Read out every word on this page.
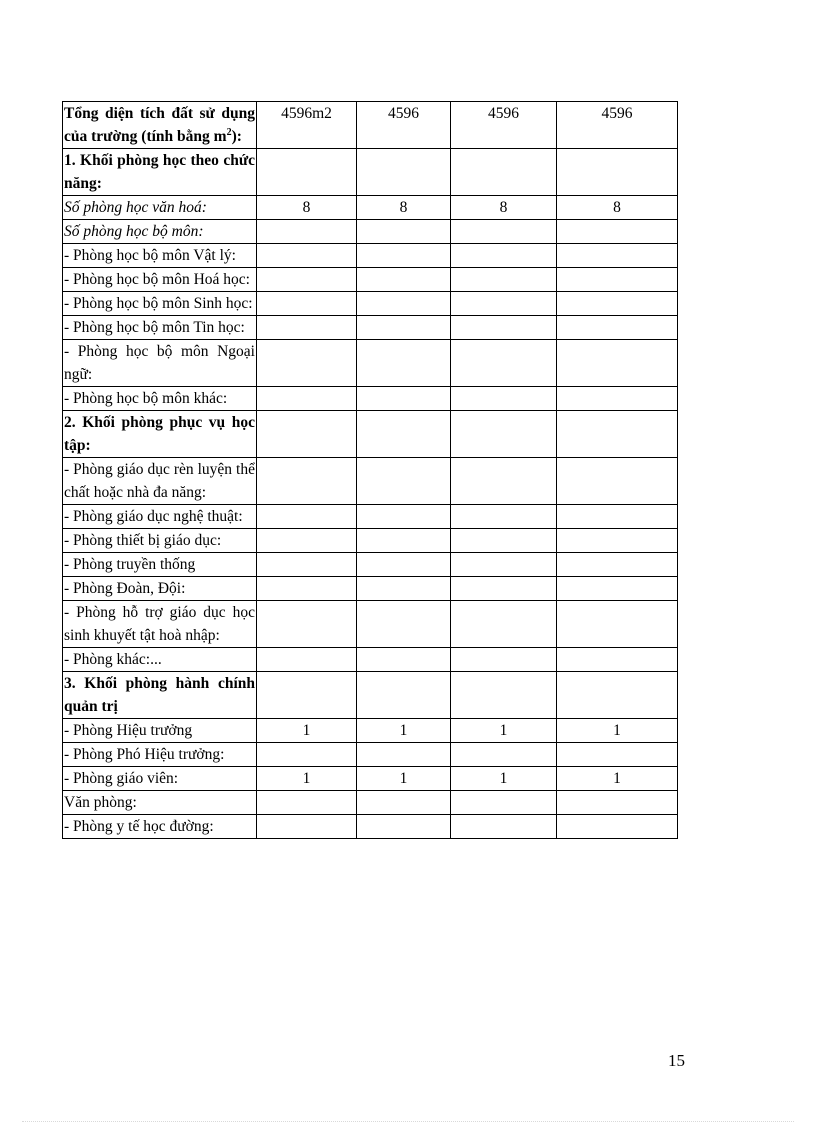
Tổng diện tích đất sử dụng của trường (tính bằng $m^2$):	4596m2	4596	4596	4596
1. Khối phòng học theo chức năng:				
Số phòng học văn hoá:	8	8	8	8
Số phòng học bộ môn:				
- Phòng học bộ môn Vật lý:				
- Phòng học bộ môn Hoá học:				
- Phòng học bộ môn Sinh học:				
- Phòng học bộ môn Tin học:				
- Phòng học bộ môn Ngoại ngữ:				
- Phòng học bộ môn khác:				
2. Khối phòng phục vụ học tập:				
- Phòng giáo dục rèn luyện thể chất hoặc nhà đa năng:				
- Phòng giáo dục nghệ thuật:				
- Phòng thiết bị giáo dục:				
- Phòng truyền thống				
- Phòng Đoàn, Đội:				
- Phòng hỗ trợ giáo dục học sinh khuyết tật hoà nhập:				
- Phòng khác:...				
3. Khối phòng hành chính quản trị				
- Phòng Hiệu trưởng	1	1	1	1
- Phòng Phó Hiệu trưởng:				
- Phòng giáo viên:	1	1	1	1
Văn phòng:				
- Phòng y tế học đường:				
15
